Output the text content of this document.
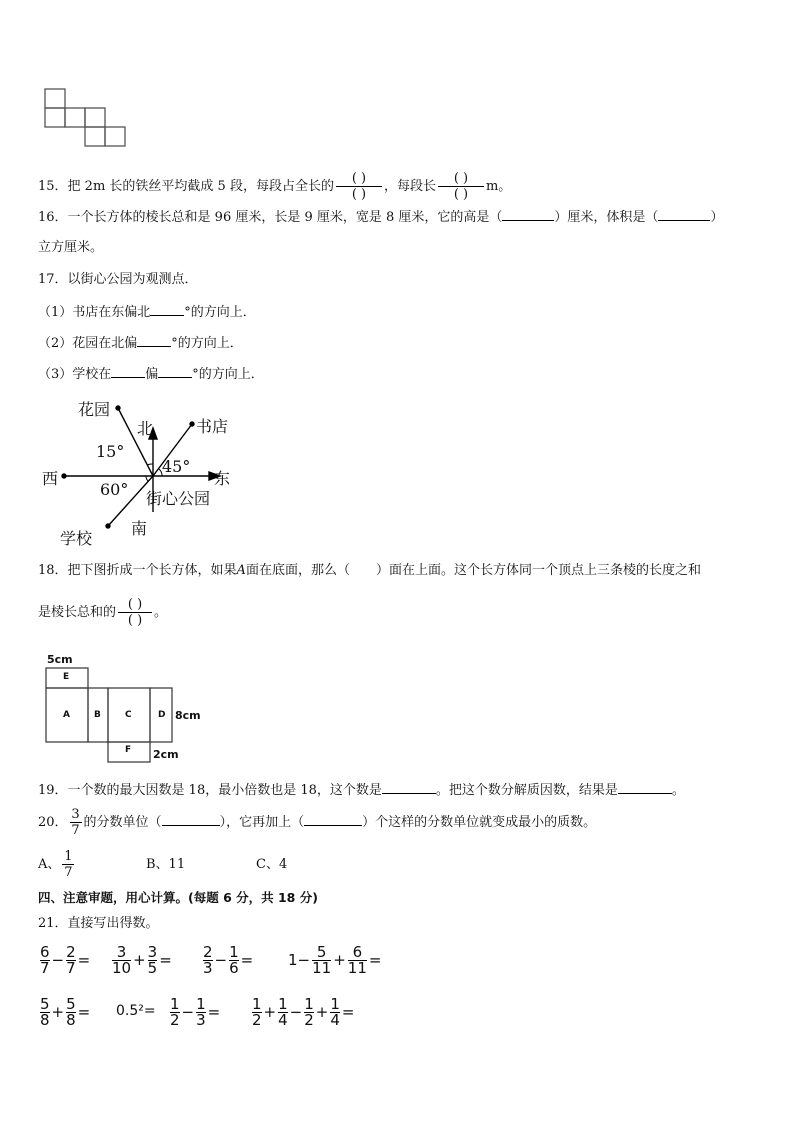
15．把 2m 长的铁丝平均截成 5 段，每段占全长的 $\frac{( )}{( )}$ ，每段长 $\frac{( )}{( )}$ m。
16．一个长方体的棱长总和是 96 厘米，长是 9 厘米，宽是 8 厘米，它的高是（	）厘米，体积是（	）
立方厘米。
17．以街心公园为观测点．
（1）书店在东偏北	°的方向上．
（2）花园在北偏	°的方向上．
（3）学校在	偏	°的方向上．
花园
北	书店
15°
45°
西	东
60° 街心公园
南
学校
18．把下图折成一个长方体，如果A面在底面，那么（ ）面在上面。这个长方体同一个顶点上三条棱的长度之和
是棱长总和的 $\frac{( )}{( )}$ 。
5cm
E
A	B	C	D 8cm
F 2cm
19．一个数的最大因数是 18，最小倍数也是 18，这个数是	。把这个数分解质因数，结果是	。
20． $\frac{3}{7}$ 的分数单位（	），它再加上（	）个这样的分数单位就变成最小的质数。
A、 $\frac{1}{7}$	B、11	C、4
四、注意审题，用心计算。(每题 6 分，共 18 分)
21．直接写出得数。
$\frac{6}{7} - \frac{2}{7} = \frac{3}{10} + \frac{3}{5} = \frac{2}{3} - \frac{1}{6} = 1- \frac{5}{11} + \frac{6}{11}$ =
$\frac{5}{8} + \frac{5}{8} = 0.5^2= \frac{1}{2} - \frac{1}{3} = \frac{1}{2} + \frac{1}{4} - \frac{1}{2} + \frac{1}{4}$ =
